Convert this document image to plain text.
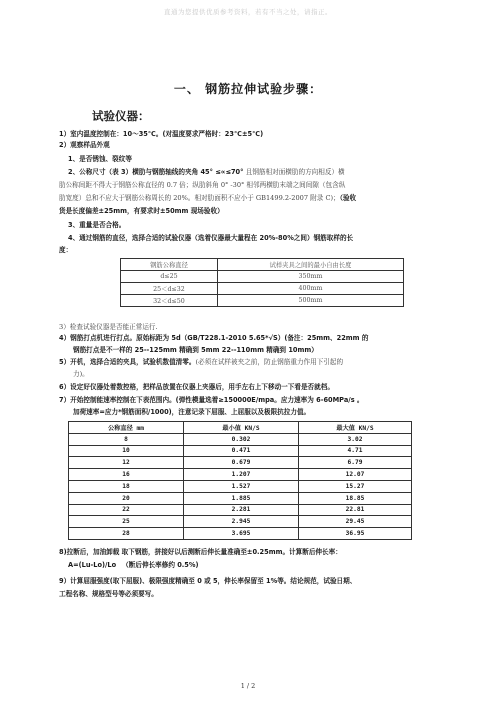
直通为您提供优质参考资料，若有不当之处，请指正。
一、 钢筋拉伸试验步骤：
试验仪器：
1）室内温度控制在：10～35℃。(对温度要求严格时：23℃±5℃)
2）观察样品外观
1、是否锈蚀、裂纹等
2、公称尺寸（表 3）横肋与钢筋轴线的夹角 45° ≤∝≤70° 且钢筋相对面横肋的方向相反）横
肋公称间距不得大于钢筋公称直径的 0.7 倍；纵肋斜角 0° -30° 相邻两横肋末端之间间隙（包含纵
肋宽度）总和不应大于钢筋公称周长的 20%。相对肋面积不应小于 GB1499.2-2007 附录 C)；（验收
货是长度偏差±25mm，有要求时±50mm 现场验收）
3、重量是否合格。
4、通过钢筋的直径，选择合适的试验仪器（选着仪器最大量程在 20%-80%之间）钢筋取样的长
度：
钢筋公称直径	试样夹具之间的最小自由长度
d≤25	350mm
25＜d≤32	400mm
32＜d≤50	500mm
3）检查试验仪器是否能正常运行.
4）钢筋打点机进行打点。原始标距为 5d（GB/T228.1-2010 5.65*√S）(备注：25mm、22mm 的
钢筋打点是不一样的 25--125mm 精确到 5mm 22--110mm 精确到 10mm）
5）开机，选择合适的夹具，试验机数值清零。(必须在试样被夹之前，防止钢筋重力作用下引起的
力)。
6）设定好仪器处着数控格，把样品放置在仪器上夹器后，用手左右上下移动一下看是否就档。
7）开始控制能速率控制在下表范围内。(弹性模量选着≥150000E/mpa。应力速率为 6-60MPa/s 。
加荷速率=应力*钢筋面积/1000)，注意记录下屈服、上屈服以及极限抗拉力值。
公称直径 mm	最小值 KN/S	最大值 KN/S
8	0.302	3.02
10	0.471	4.71
12	0.679	6.79
16	1.207	12.07
18	1.527	15.27
20	1.885	18.85
22	2.281	22.81
25	2.945	29.45
28	3.695	36.95
8)拉断后，加油卸载 取下钢筋，拼接好以后测断后伸长量准确至±0.25mm。计算断后伸长率：
A=(Lu-Lo)/Lo （断后伸长率修约 0.5%)
9）计算屈服强度(取下屈服)、极限强度精确至 0 或 5，伸长率保留至 1%等。结论规范，试验日期、
工程名称、规格型号等必须要写。
1 / 2
